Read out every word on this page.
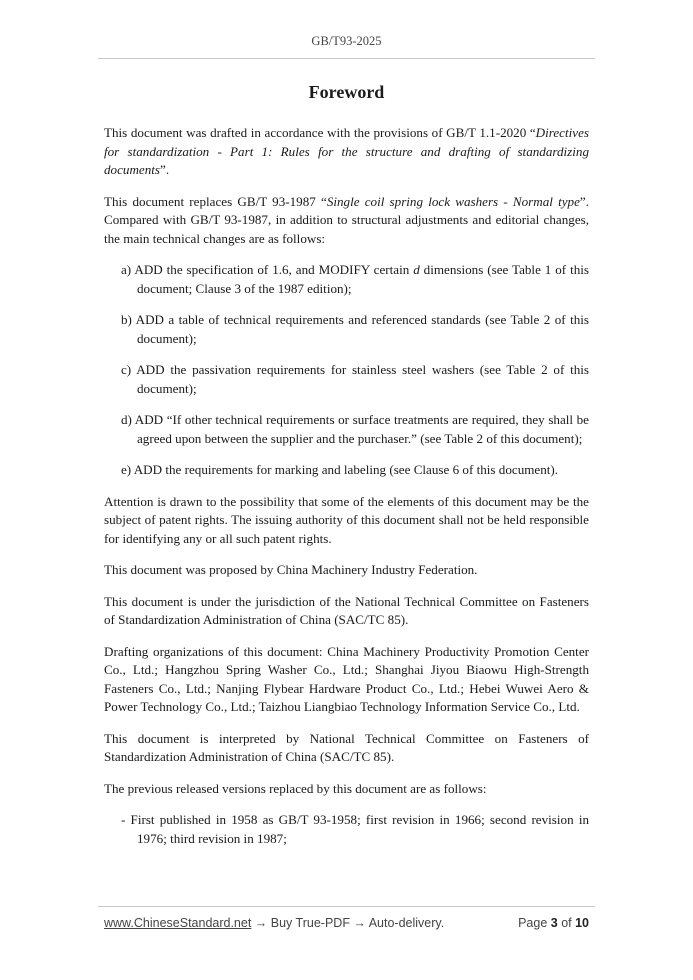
GB/T93-2025
Foreword

This document was drafted in accordance with the provisions of GB/T 1.1-2020 “Directives for standardization - Part 1: Rules for the structure and drafting of standardizing documents”.

This document replaces GB/T 93-1987 “Single coil spring lock washers - Normal type”. Compared with GB/T 93-1987, in addition to structural adjustments and editorial changes, the main technical changes are as follows:

a) ADD the specification of 1.6, and MODIFY certain d dimensions (see Table 1 of this document; Clause 3 of the 1987 edition);

b) ADD a table of technical requirements and referenced standards (see Table 2 of this document);

c) ADD the passivation requirements for stainless steel washers (see Table 2 of this document);

d) ADD “If other technical requirements or surface treatments are required, they shall be agreed upon between the supplier and the purchaser.” (see Table 2 of this document);

e) ADD the requirements for marking and labeling (see Clause 6 of this document).

Attention is drawn to the possibility that some of the elements of this document may be the subject of patent rights. The issuing authority of this document shall not be held responsible for identifying any or all such patent rights.

This document was proposed by China Machinery Industry Federation.

This document is under the jurisdiction of the National Technical Committee on Fasteners of Standardization Administration of China (SAC/TC 85).

Drafting organizations of this document: China Machinery Productivity Promotion Center Co., Ltd.; Hangzhou Spring Washer Co., Ltd.; Shanghai Jiyou Biaowu High-Strength Fasteners Co., Ltd.; Nanjing Flybear Hardware Product Co., Ltd.; Hebei Wuwei Aero & Power Technology Co., Ltd.; Taizhou Liangbiao Technology Information Service Co., Ltd.

This document is interpreted by National Technical Committee on Fasteners of Standardization Administration of China (SAC/TC 85).

The previous released versions replaced by this document are as follows:

- First published in 1958 as GB/T 93-1958; first revision in 1966; second revision in 1976; third revision in 1987;

www.ChineseStandard.net → Buy True-PDF → Auto-delivery.	Page 3 of 10
